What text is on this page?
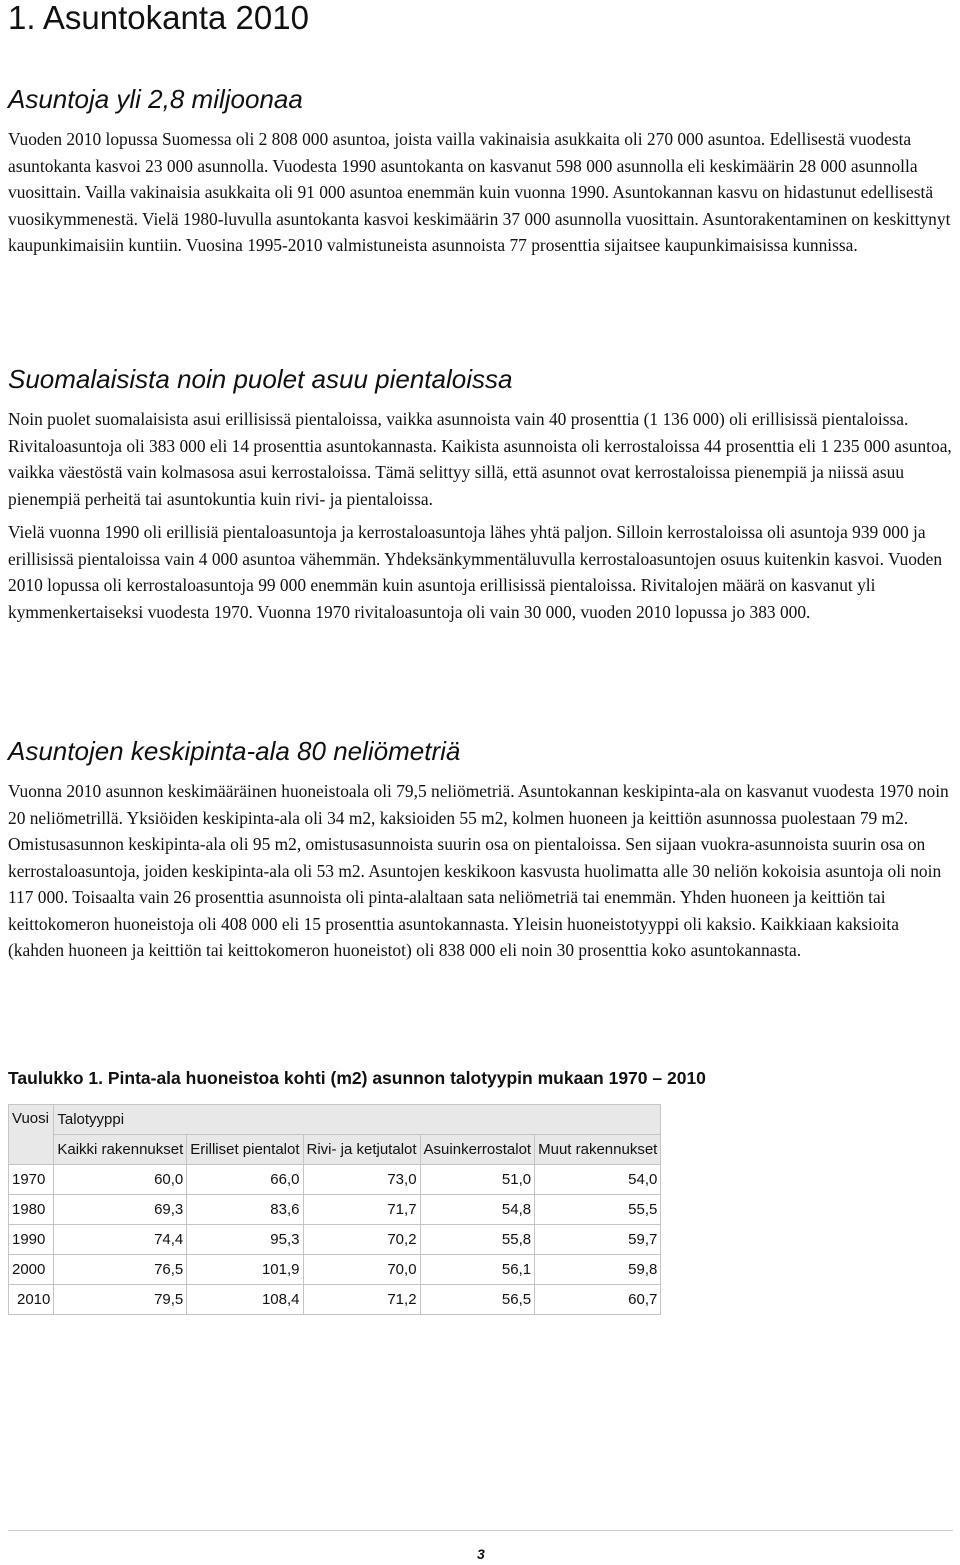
1. Asuntokanta 2010
Asuntoja yli 2,8 miljoonaa

Vuoden 2010 lopussa Suomessa oli 2 808 000 asuntoa, joista vailla vakinaisia asukkaita oli 270 000 asuntoa. Edellisestä vuodesta asuntokanta kasvoi 23 000 asunnolla. Vuodesta 1990 asuntokanta on kasvanut 598 000 asunnolla eli keskimäärin 28 000 asunnolla vuosittain. Vailla vakinaisia asukkaita oli 91 000 asuntoa enemmän kuin vuonna 1990. Asuntokannan kasvu on hidastunut edellisestä vuosikymmenestä. Vielä 1980-luvulla asuntokanta kasvoi keskimäärin 37 000 asunnolla vuosittain. Asuntorakentaminen on keskittynyt kaupunkimaisiin kuntiin. Vuosina 1995-2010 valmistuneista asunnoista 77 prosenttia sijaitsee kaupunkimaisissa kunnissa.

Suomalaisista noin puolet asuu pientaloissa

Noin puolet suomalaisista asui erillisissä pientaloissa, vaikka asunnoista vain 40 prosenttia (1 136 000) oli erillisissä pientaloissa. Rivitaloasuntoja oli 383 000 eli 14 prosenttia asuntokannasta. Kaikista asunnoista oli kerrostaloissa 44 prosenttia eli 1 235 000 asuntoa, vaikka väestöstä vain kolmasosa asui kerrostaloissa. Tämä selittyy sillä, että asunnot ovat kerrostaloissa pienempiä ja niissä asuu pienempiä perheitä tai asuntokuntia kuin rivi- ja pientaloissa.

Vielä vuonna 1990 oli erillisiä pientaloasuntoja ja kerrostaloasuntoja lähes yhtä paljon. Silloin kerrostaloissa oli asuntoja 939 000 ja erillisissä pientaloissa vain 4 000 asuntoa vähemmän. Yhdeksänkymmentäluvulla kerrostaloasuntojen osuus kuitenkin kasvoi. Vuoden 2010 lopussa oli kerrostaloasuntoja 99 000 enemmän kuin asuntoja erillisissä pientaloissa. Rivitalojen määrä on kasvanut yli kymmenkertaiseksi vuodesta 1970. Vuonna 1970 rivitaloasuntoja oli vain 30 000, vuoden 2010 lopussa jo 383 000.

Asuntojen keskipinta-ala 80 neliömetriä

Vuonna 2010 asunnon keskimääräinen huoneistoala oli 79,5 neliömetriä. Asuntokannan keskipinta-ala on kasvanut vuodesta 1970 noin 20 neliömetrillä. Yksiöiden keskipinta-ala oli 34 m2, kaksioiden 55 m2, kolmen huoneen ja keittiön asunnossa puolestaan 79 m2. Omistusasunnon keskipinta-ala oli 95 m2, omistusasunnoista suurin osa on pientaloissa. Sen sijaan vuokra-asunnoista suurin osa on kerrostaloasuntoja, joiden keskipinta-ala oli 53 m2. Asuntojen keskikoon kasvusta huolimatta alle 30 neliön kokoisia asuntoja oli noin 117 000. Toisaalta vain 26 prosenttia asunnoista oli pinta-alaltaan sata neliömetriä tai enemmän. Yhden huoneen ja keittiön tai keittokomeron huoneistoja oli 408 000 eli 15 prosenttia asuntokannasta. Yleisin huoneistotyyppi oli kaksio. Kaikkiaan kaksioita (kahden huoneen ja keittiön tai keittokomeron huoneistot) oli 838 000 eli noin 30 prosenttia koko asuntokannasta.

Taulukko 1. Pinta-ala huoneistoa kohti (m2) asunnon talotyypin mukaan 1970 – 2010
Vuosi	Talotyyppi				
	Kaikki rakennukset	Erilliset pientalot	Rivi- ja ketjutalot	Asuinkerrostalot	Muut rakennukset
1970	60,0	66,0	73,0	51,0	54,0
1980	69,3	83,6	71,7	54,8	55,5
1990	74,4	95,3	70,2	55,8	59,7
2000	76,5	101,9	70,0	56,1	59,8
2010	79,5	108,4	71,2	56,5	60,7
3
